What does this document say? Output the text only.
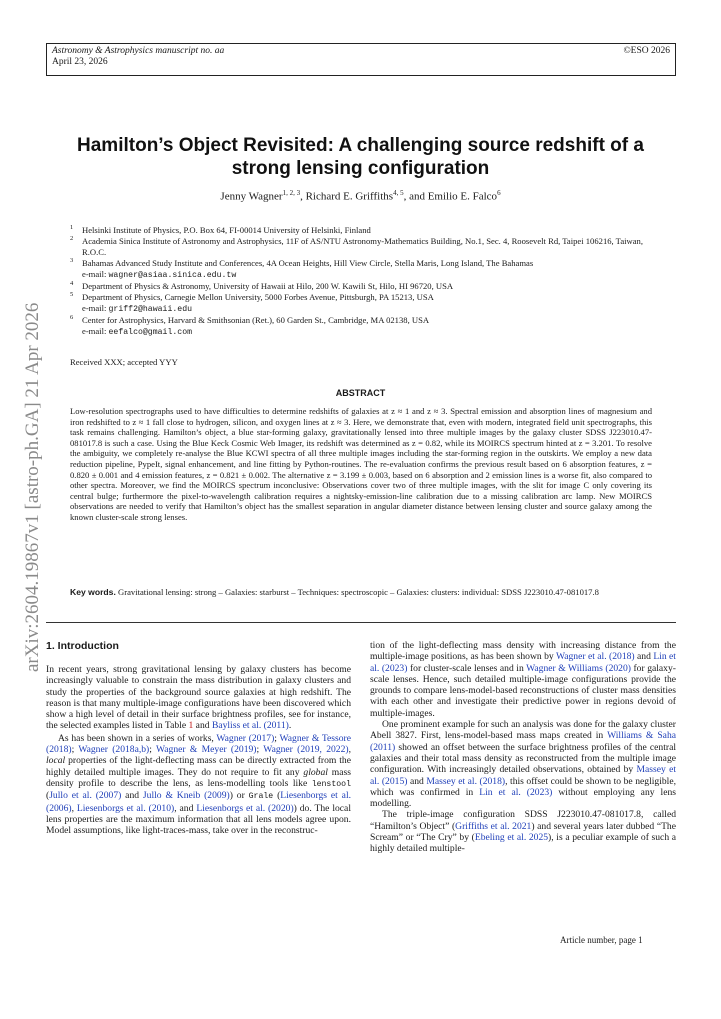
Astronomy & Astrophysics manuscript no. aa
April 23, 2026
©ESO 2026
arXiv:2604.19867v1 [astro-ph.GA] 21 Apr 2026
Hamilton’s Object Revisited: A challenging source redshift of a
strong lensing configuration
Jenny Wagner$^{1, 2, 3}$, Richard E. Griffiths$^{4, 5}$, and Emilio E. Falco$^6$
1 Helsinki Institute of Physics, P.O. Box 64, FI-00014 University of Helsinki, Finland
2 Academia Sinica Institute of Astronomy and Astrophysics, 11F of AS/NTU Astronomy-Mathematics Building, No.1, Sec. 4, Roosevelt Rd, Taipei 106216, Taiwan, R.O.C.
3 Bahamas Advanced Study Institute and Conferences, 4A Ocean Heights, Hill View Circle, Stella Maris, Long Island, The Bahamas
e-mail: wagner@asiaa.sinica.edu.tw
4 Department of Physics & Astronomy, University of Hawaii at Hilo, 200 W. Kawili St, Hilo, HI 96720, USA
5 Department of Physics, Carnegie Mellon University, 5000 Forbes Avenue, Pittsburgh, PA 15213, USA
e-mail: griff2@hawaii.edu
6 Center for Astrophysics, Harvard & Smithsonian (Ret.), 60 Garden St., Cambridge, MA 02138, USA
e-mail: eefalco@gmail.com
Received XXX; accepted YYY
ABSTRACT
Low-resolution spectrographs used to have difficulties to determine redshifts of galaxies at z ≈ 1 and z ≈ 3. Spectral emission and absorption lines of magnesium and iron redshifted to z ≈ 1 fall close to hydrogen, silicon, and oxygen lines at z ≈ 3. Here, we demonstrate that, even with modern, integrated field unit spectrographs, this task remains challenging. Hamilton’s object, a blue star-forming galaxy, gravitationally lensed into three multiple images by the galaxy cluster SDSS J223010.47-081017.8 is such a case. Using the Blue Keck Cosmic Web Imager, its redshift was determined as z = 0.82, while its MOIRCS spectrum hinted at z = 3.201. To resolve the ambiguity, we completely re-analyse the Blue KCWI spectra of all three multiple images including the star-forming region in the outskirts. We employ a new data reduction pipeline, PypeIt, signal enhancement, and line fitting by Python-routines. The re-evaluation confirms the previous result based on 6 absorption features, z = 0.820 ± 0.001 and 4 emission features, z = 0.821 ± 0.002. The alternative z = 3.199 ± 0.003, based on 6 absorption and 2 emission lines is a worse fit, also compared to other spectra. Moreover, we find the MOIRCS spectrum inconclusive: Observations cover two of three multiple images, with the slit for image C only covering its central bulge; furthermore the pixel-to-wavelength calibration requires a nightsky-emission-line calibration due to a missing calibration arc lamp. New MOIRCS observations are needed to verify that Hamilton’s object has the smallest separation in angular diameter distance between lensing cluster and source galaxy among the known cluster-scale strong lenses.
Key words. Gravitational lensing: strong – Galaxies: starburst – Techniques: spectroscopic – Galaxies: clusters: individual: SDSS J223010.47-081017.8
1. Introduction

In recent years, strong gravitational lensing by galaxy clusters has become increasingly valuable to constrain the mass distribution in galaxy clusters and study the properties of the background source galaxies at high redshift. The reason is that many multiple-image configurations have been discovered which show a high level of detail in their surface brightness profiles, see for instance, the selected examples listed in Table 1 and Bayliss et al. (2011).

As has been shown in a series of works, Wagner (2017); Wagner & Tessore (2018); Wagner (2018a,b); Wagner & Meyer (2019); Wagner (2019, 2022), local properties of the light-deflecting mass can be directly extracted from the highly detailed multiple images. They do not require to fit any global mass density profile to describe the lens, as lens-modelling tools like lenstool (Jullo et al. (2007) and Jullo & Kneib (2009)) or Grale (Liesenborgs et al. (2006), Liesenborgs et al. (2010), and Liesenborgs et al. (2020)) do. The local lens properties are the maximum information that all lens models agree upon. Model assumptions, like light-traces-mass, take over in the reconstruc-

tion of the light-deflecting mass density with increasing distance from the multiple-image positions, as has been shown by Wagner et al. (2018) and Lin et al. (2023) for cluster-scale lenses and in Wagner & Williams (2020) for galaxy-scale lenses. Hence, such detailed multiple-image configurations provide the grounds to compare lens-model-based reconstructions of cluster mass densities with each other and investigate their predictive power in regions devoid of multiple-images.

One prominent example for such an analysis was done for the galaxy cluster Abell 3827. First, lens-model-based mass maps created in Williams & Saha (2011) showed an offset between the surface brightness profiles of the central galaxies and their total mass density as reconstructed from the multiple image configuration. With increasingly detailed observations, obtained by Massey et al. (2015) and Massey et al. (2018), this offset could be shown to be negligible, which was confirmed in Lin et al. (2023) without employing any lens modelling.

The triple-image configuration SDSS J223010.47-081017.8, called “Hamilton’s Object” (Griffiths et al. 2021) and several years later dubbed “The Scream” or “The Cry” by (Ebeling et al. 2025), is a peculiar example of such a highly detailed multiple-

Article number, page 1
